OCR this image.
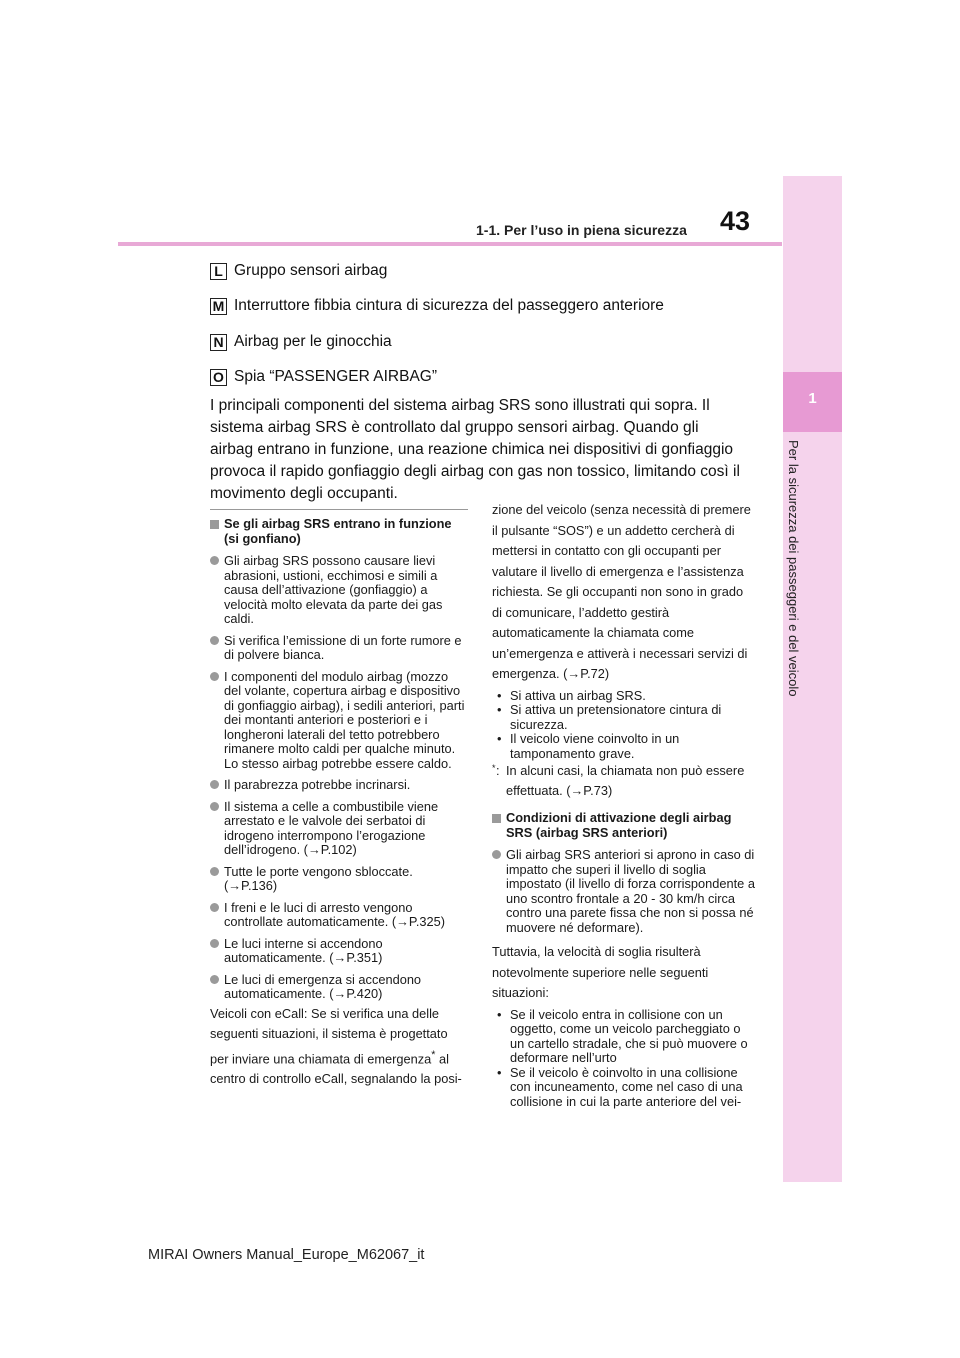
1
Per la sicurezza dei passeggeri e del veicolo
43
1-1. Per l’uso in piena sicurezza
L Gruppo sensori airbag
M Interruttore fibbia cintura di sicurezza del passeggero anteriore
N Airbag per le ginocchia
O Spia “PASSENGER AIRBAG”
I principali componenti del sistema airbag SRS sono illustrati qui sopra. Il sistema airbag SRS è controllato dal gruppo sensori airbag. Quando gli airbag entrano in funzione, una reazione chimica nei dispositivi di gonfiaggio provoca il rapido gonfiaggio degli airbag con gas non tossico, limitando così il movimento degli occupanti.
Se gli airbag SRS entrano in funzione (si gonfiano)
Gli airbag SRS possono causare lievi abrasioni, ustioni, ecchimosi e simili a causa dell’attivazione (gonfiaggio) a velocità molto elevata da parte dei gas caldi.
Si verifica l’emissione di un forte rumore e di polvere bianca.
I componenti del modulo airbag (mozzo del volante, copertura airbag e dispositivo di gonfiaggio airbag), i sedili anteriori, parti dei montanti anteriori e posteriori e i longheroni laterali del tetto potrebbero rimanere molto caldi per qualche minuto. Lo stesso airbag potrebbe essere caldo.
Il parabrezza potrebbe incrinarsi.
Il sistema a celle a combustibile viene arrestato e le valvole dei serbatoi di idrogeno interrompono l’erogazione dell’idrogeno. (→P.102)
Tutte le porte vengono sbloccate. (→P.136)
I freni e le luci di arresto vengono controllate automaticamente. (→P.325)
Le luci interne si accendono automaticamente. (→P.351)
Le luci di emergenza si accendono automaticamente. (→P.420)
Veicoli con eCall: Se si verifica una delle seguenti situazioni, il sistema è progettato per inviare una chiamata di emergenza* al centro di controllo eCall, segnalando la posi-
zione del veicolo (senza necessità di premere il pulsante “SOS”) e un addetto cercherà di mettersi in contatto con gli occupanti per valutare il livello di emergenza e l’assistenza richiesta. Se gli occupanti non sono in grado di comunicare, l’addetto gestirà automaticamente la chiamata come un’emergenza e attiverà i necessari servizi di emergenza. (→P.72)
• Si attiva un airbag SRS.
• Si attiva un pretensionatore cintura di sicurezza.
• Il veicolo viene coinvolto in un tamponamento grave.
* : In alcuni casi, la chiamata non può essere effettuata. (→P.73)
Condizioni di attivazione degli airbag SRS (airbag SRS anteriori)
Gli airbag SRS anteriori si aprono in caso di impatto che superi il livello di soglia impostato (il livello di forza corrispondente a uno scontro frontale a 20 - 30 km/h circa contro una parete fissa che non si possa né muovere né deformare).
Tuttavia, la velocità di soglia risulterà notevolmente superiore nelle seguenti situazioni:
• Se il veicolo entra in collisione con un oggetto, come un veicolo parcheggiato o un cartello stradale, che si può muovere o deformare nell’urto
• Se il veicolo è coinvolto in una collisione con incuneamento, come nel caso di una collisione in cui la parte anteriore del vei-
MIRAI Owners Manual_Europe_M62067_it
